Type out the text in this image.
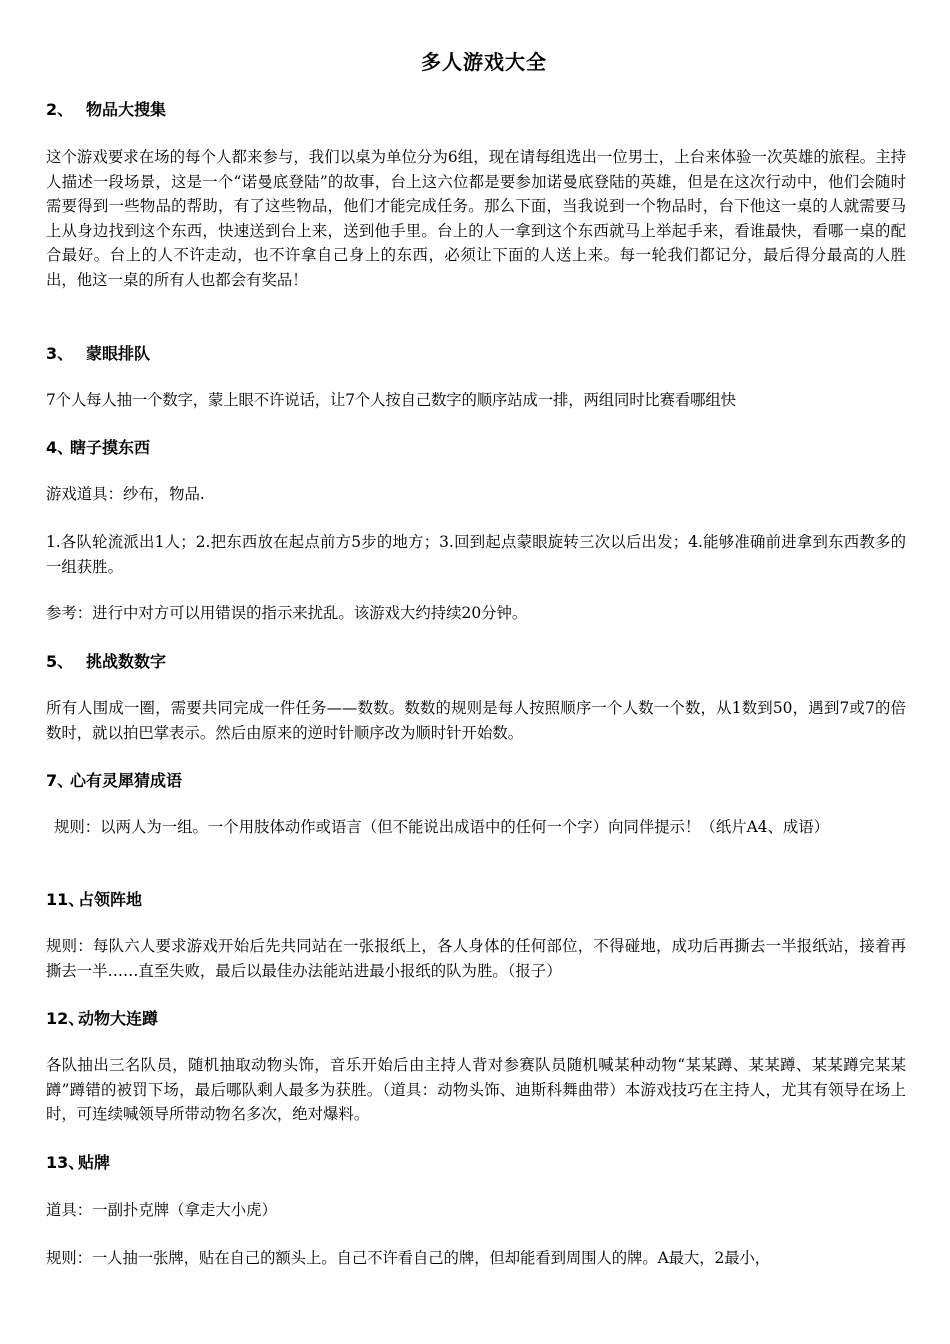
多人游戏大全
2、 物品大搜集
这个游戏要求在场的每个人都来参与，我们以桌为单位分为6组，现在请每组选出一位男士，上台来体验一次英雄的旅程。主持人描述一段场景，这是一个“诺曼底登陆”的故事，台上这六位都是要参加诺曼底登陆的英雄，但是在这次行动中，他们会随时需要得到一些物品的帮助，有了这些物品，他们才能完成任务。那么下面，当我说到一个物品时，台下他这一桌的人就需要马上从身边找到这个东西，快速送到台上来，送到他手里。台上的人一拿到这个东西就马上举起手来，看谁最快，看哪一桌的配合最好。台上的人不许走动，也不许拿自己身上的东西，必须让下面的人送上来。每一轮我们都记分，最后得分最高的人胜出，他这一桌的所有人也都会有奖品！
3、 蒙眼排队
7个人每人抽一个数字，蒙上眼不许说话，让7个人按自己数字的顺序站成一排，两组同时比赛看哪组快
4、瞎子摸东西
游戏道具：纱布，物品.
1.各队轮流派出1人；2.把东西放在起点前方5步的地方；3.回到起点蒙眼旋转三次以后出发；4.能够准确前进拿到东西教多的一组获胜。
参考：进行中对方可以用错误的指示来扰乱。该游戏大约持续20分钟。
5、 挑战数数字
所有人围成一圈，需要共同完成一件任务——数数。数数的规则是每人按照顺序一个人数一个数，从1数到50，遇到7或7的倍数时，就以拍巴掌表示。然后由原来的逆时针顺序改为顺时针开始数。
7、心有灵犀猜成语
规则：以两人为一组。一个用肢体动作或语言（但不能说出成语中的任何一个字）向同伴提示！（纸片A4、成语）
11、占领阵地
规则：每队六人要求游戏开始后先共同站在一张报纸上，各人身体的任何部位，不得碰地，成功后再撕去一半报纸站，接着再撕去一半……直至失败，最后以最佳办法能站进最小报纸的队为胜。（报子）
12、动物大连蹲
各队抽出三名队员，随机抽取动物头饰，音乐开始后由主持人背对参赛队员随机喊某种动物“某某蹲、某某蹲、某某蹲完某某蹲”蹲错的被罚下场，最后哪队剩人最多为获胜。（道具：动物头饰、迪斯科舞曲带）本游戏技巧在主持人，尤其有领导在场上时，可连续喊领导所带动物名多次，绝对爆料。
13、贴牌
道具：一副扑克牌（拿走大小虎）
规则：一人抽一张牌，贴在自己的额头上。自己不许看自己的牌，但却能看到周围人的牌。A最大，2最小，
